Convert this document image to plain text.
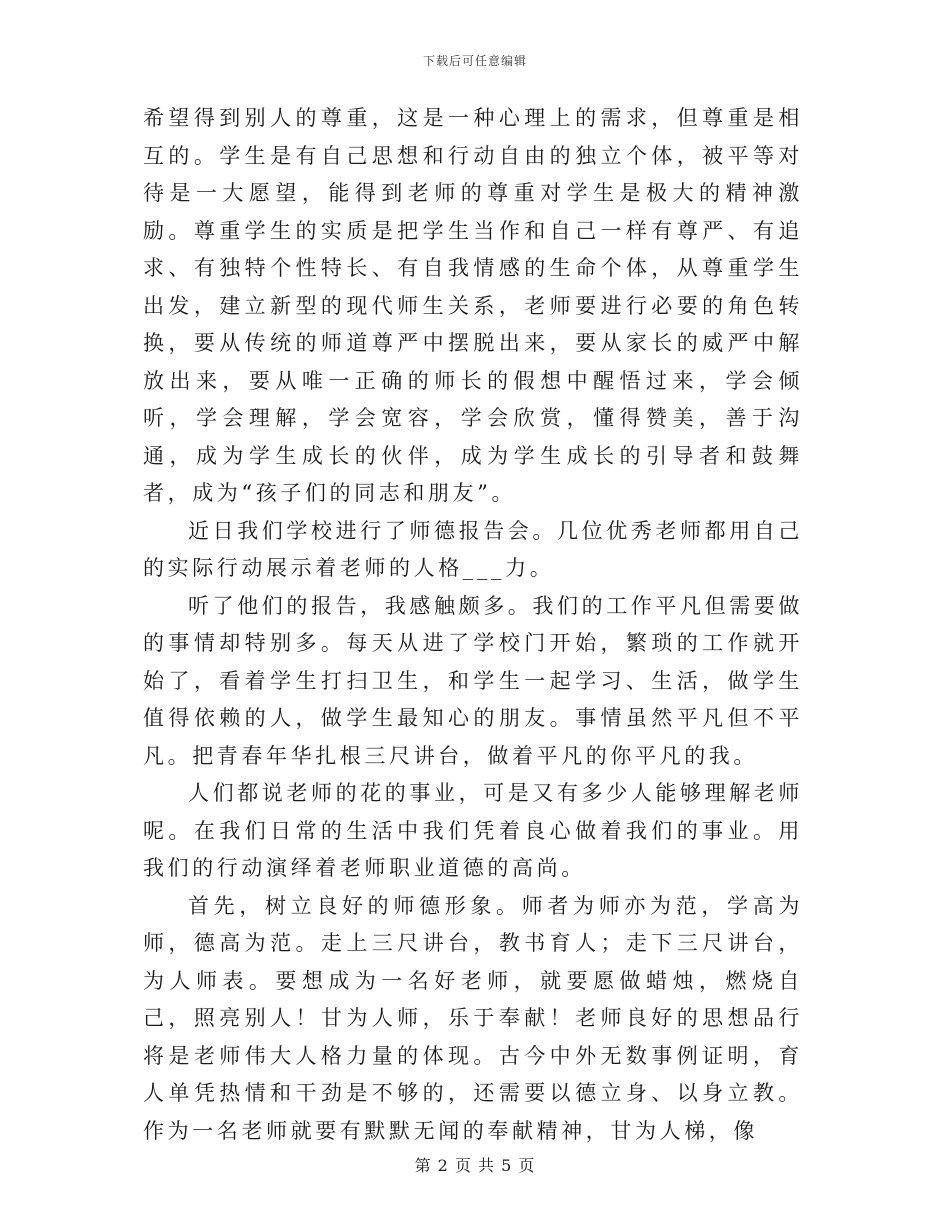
下载后可任意编辑

希望得到别人的尊重，这是一种心理上的需求，但尊重是相互的。学生是有自己思想和行动自由的独立个体，被平等对待是一大愿望，能得到老师的尊重对学生是极大的精神激励。尊重学生的实质是把学生当作和自己一样有尊严、有追求、有独特个性特长、有自我情感的生命个体，从尊重学生出发，建立新型的现代师生关系，老师要进行必要的角色转换，要从传统的师道尊严中摆脱出来，要从家长的威严中解放出来，要从唯一正确的师长的假想中醒悟过来，学会倾听，学会理解，学会宽容，学会欣赏，懂得赞美，善于沟通，成为学生成长的伙伴，成为学生成长的引导者和鼓舞者，成为“孩子们的同志和朋友”。

近日我们学校进行了师德报告会。几位优秀老师都用自己的实际行动展示着老师的人格___力。

听了他们的报告，我感触颇多。我们的工作平凡但需要做的事情却特别多。每天从进了学校门开始，繁琐的工作就开始了，看着学生打扫卫生，和学生一起学习、生活，做学生值得依赖的人，做学生最知心的朋友。事情虽然平凡但不平凡。把青春年华扎根三尺讲台，做着平凡的你平凡的我。

人们都说老师的花的事业，可是又有多少人能够理解老师呢。在我们日常的生活中我们凭着良心做着我们的事业。用我们的行动演绎着老师职业道德的高尚。

首先，树立良好的师德形象。师者为师亦为范，学高为师，德高为范。走上三尺讲台，教书育人；走下三尺讲台，为人师表。要想成为一名好老师，就要愿做蜡烛，燃烧自己，照亮别人！甘为人师，乐于奉献！老师良好的思想品行将是老师伟大人格力量的体现。古今中外无数事例证明，育人单凭热情和干劲是不够的，还需要以德立身、以身立教。作为一名老师就要有默默无闻的奉献精神，甘为人梯，像

第 2 页 共 5 页
